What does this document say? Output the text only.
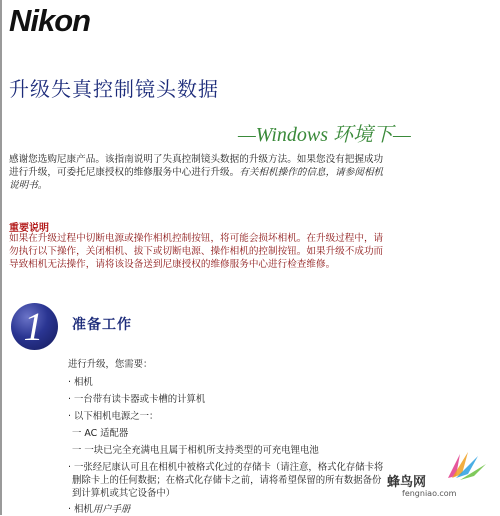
Nikon
升级失真控制镜头数据
—Windows 环境下—
感谢您选购尼康产品。该指南说明了失真控制镜头数据的升级方法。如果您没有把握成功
进行升级，可委托尼康授权的维修服务中心进行升级。有关相机操作的信息，请参阅相机
说明书。
重要说明
如果在升级过程中切断电源或操作相机控制按钮，将可能会损坏相机。在升级过程中，请
勿执行以下操作，关闭相机、拔下或切断电源、操作相机的控制按钮。如果升级不成功而
导致相机无法操作，请将该设备送到尼康授权的维修服务中心进行检查维修。
1 准备工作
进行升级，您需要：
· 相机
· 一台带有读卡器或卡槽的计算机
· 以下相机电源之一：
一 AC 适配器
一 一块已完全充满电且属于相机所支持类型的可充电锂电池
· 一张经尼康认可且在相机中被格式化过的存储卡（请注意，格式化存储卡将
删除卡上的任何数据；在格式化存储卡之前，请将希望保留的所有数据备份
到计算机或其它设备中）
· 相机用户手册
蜂鸟网
fengniao.com
